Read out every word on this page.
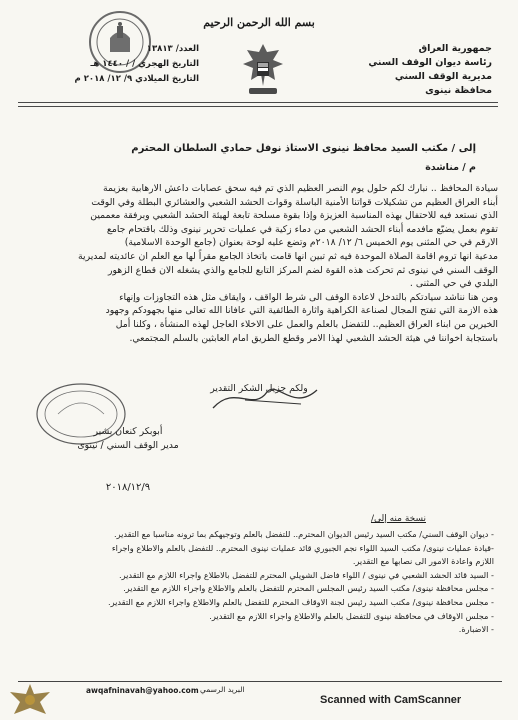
بسم الله الرحمن الرحيم
جمهورية العراق
رئاسة ديوان الوقف السني
مديرية الوقف السني
محافظة نينوى
العدد/ ١٣٨١٣
التاريخ الهجري / / ١٤٤٠ هـ
التاريخ الميلادي ٩/ ١٢/ ٢٠١٨ م
إلى / مكتب السيد محافظ نينوى الاستاذ نوفل حمادي السلطان المحترم
م / مناشدة

سيادة المحافظ .. نبارك لكم حلول يوم النصر العظيم الذي تم فيه سحق عصابات داعش الارهابية بعزيمة

أبناء العراق العظيم من تشكيلات قواتنا الأمنية الباسلة وقوات الحشد الشعبي والعشائري البطلة وفي الوقت

الذي نستعد فيه للاحتفال بهذه المناسبة العزيزة وإذا بقوة مسلحة تابعة لهيئة الحشد الشعبي وبرفقة معممين

تقوم بعمل يضيّع مافدمه أبناء الحشد الشعبي من دماء زكية في عمليات تحرير نينوى وذلك باقتحام جامع

الارقم في حي المثنى يوم الخميس ٦/ ١٢/ ٢٠١٨م وتضع عليه لوحة بعنوان (جامع الوحدة الاسلامية)

مدعية انها تروم اقامة الصلاة الموحدة فيه ثم تبين انها قامت باتخاذ الجامع مقراً لها مع العلم ان عائديته لمديرية

الوقف السني في نينوى ثم تحركت هذه القوة لضم المركز التابع للجامع والذي يشغله الان قطاع الزهور

البلدي في حي المثنى .

ومن هنا نناشد سيادتكم بالتدخل لاعادة الوقف الى شرط الواقف ، وايقاف مثل هذه التجاوزات وإنهاء

هذه الازمة التي تفتح المجال لصناعة الكراهية واثارة الطائفية التي عافانا الله تعالى منها بجهودكم وجهود

الخيرين من ابناء العراق العظيم.. للتفضل بالعلم والعمل على الاخلاء العاجل لهذه المنشأة ، وكلنا أمل

باستجابة اخواننا في هيئة الحشد الشعبي لهذا الامر وقطع الطريق امام العابثين بالسلم المجتمعي.

ولكم جزيل الشكر التقدير
أبوبكر كنعان بشير
مدير الوقف السني / نينوى
٢٠١٨/١٢/٩
نسخة منه إلى/
- ديوان الوقف السني/ مكتب السيد رئيس الديوان المحترم.. للتفضل بالعلم وتوجيهكم بما ترونه مناسبا مع التقدير.
-قيادة عمليات نينوى/ مكتب السيد اللواء نجم الجبوري قائد عمليات نينوى المحترم.. للتفضل بالعلم والاطلاع واجراء
اللازم واعادة الامور الى نصابها مع التقدير.
- السيد قائد الحشد الشعبي في نينوى / اللواء فاضل الشويلي المحترم للتفضل بالاطلاع واجراء اللازم مع التقدير.
- مجلس محافظة نينوى/ مكتب السيد رئيس المجلس المحترم للتفضل بالعلم والاطلاع واجراء اللازم مع التقدير.
- مجلس محافظة نينوى/ مكتب السيد رئيس لجنة الاوقاف المحترم للتفضل بالعلم والاطلاع واجراء اللازم مع التقدير.
- مجلس الاوقاف في محافظة نينوى للتفضل بالعلم والاطلاع واجراء اللازم مع التقدير.
- الاضبارة.
awqafninavah@yahoo.com البريد الرسمي
Scanned with CamScanner
